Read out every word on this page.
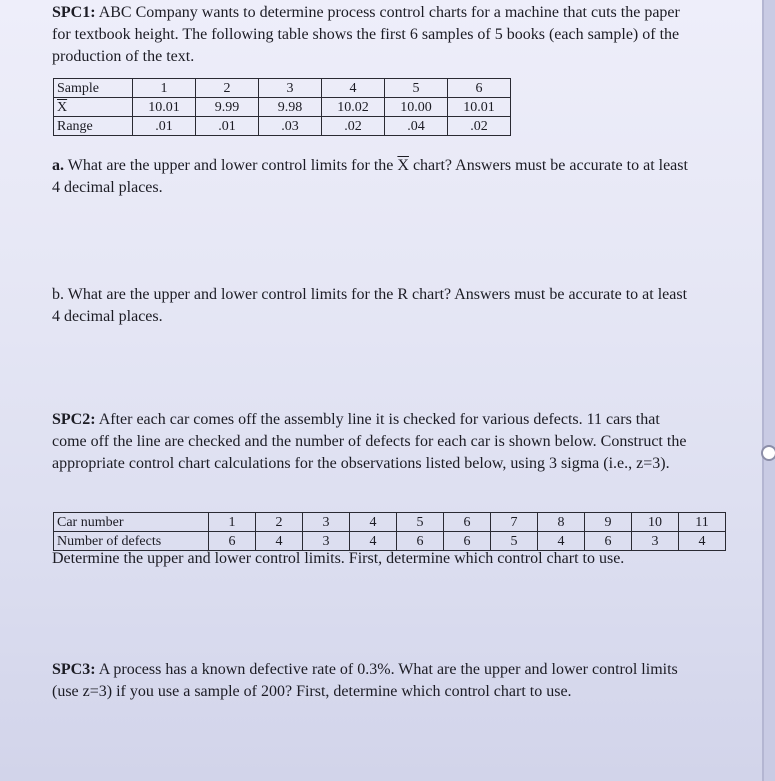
SPC1: ABC Company wants to determine process control charts for a machine that cuts the paper for textbook height. The following table shows the first 6 samples of 5 books (each sample) of the production of the text.

Sample	1	2	3	4	5	6
$\overline{X}$	10.01	9.99	9.98	10.02	10.00	10.01
Range	.01	.01	.03	.02	.04	.02

a. What are the upper and lower control limits for the $\overline{X}$ chart? Answers must be accurate to at least 4 decimal places.

b. What are the upper and lower control limits for the R chart? Answers must be accurate to at least 4 decimal places.

SPC2: After each car comes off the assembly line it is checked for various defects. 11 cars that come off the line are checked and the number of defects for each car is shown below. Construct the appropriate control chart calculations for the observations listed below, using 3 sigma (i.e., z=3).

Car number	1	2	3	4	5	6	7	8	9	10	11
Number of defects	6	4	3	4	6	6	5	4	6	3	4

Determine the upper and lower control limits. First, determine which control chart to use.

SPC3: A process has a known defective rate of 0.3%. What are the upper and lower control limits (use z=3) if you use a sample of 200? First, determine which control chart to use.
